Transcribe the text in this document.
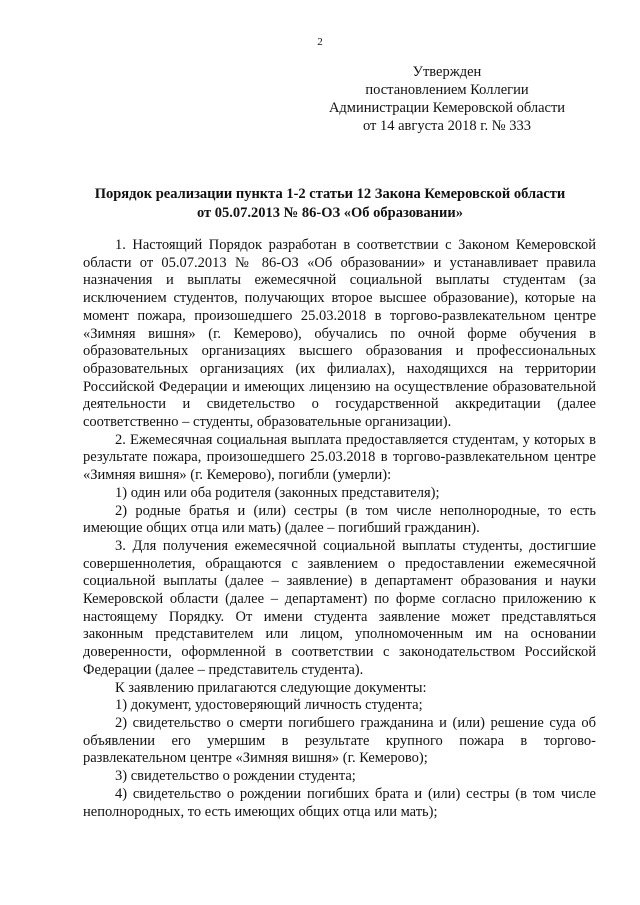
2
Утвержден
постановлением Коллегии
Администрации Кемеровской области
от 14 августа 2018 г. № 333
Порядок реализации пункта 1-2 статьи 12 Закона Кемеровской области
от 05.07.2013 № 86-ОЗ «Об образовании»

1. Настоящий Порядок разработан в соответствии с Законом Кемеровской области от 05.07.2013 № 86-ОЗ «Об образовании» и устанавливает правила назначения и выплаты ежемесячной социальной выплаты студентам (за исключением студентов, получающих второе высшее образование), которые на момент пожара, произошедшего 25.03.2018 в торгово-развлекательном центре «Зимняя вишня» (г. Кемерово), обучались по очной форме обучения в образовательных организациях высшего образования и профессиональных образовательных организациях (их филиалах), находящихся на территории Российской Федерации и имеющих лицензию на осуществление образовательной деятельности и свидетельство о государственной аккредитации (далее соответственно – студенты, образовательные организации).

2. Ежемесячная социальная выплата предоставляется студентам, у которых в результате пожара, произошедшего 25.03.2018 в торгово-развлекательном центре «Зимняя вишня» (г. Кемерово), погибли (умерли):

1) один или оба родителя (законных представителя);

2) родные братья и (или) сестры (в том числе неполнородные, то есть имеющие общих отца или мать) (далее – погибший гражданин).

3. Для получения ежемесячной социальной выплаты студенты, достигшие совершеннолетия, обращаются с заявлением о предоставлении ежемесячной социальной выплаты (далее – заявление) в департамент образования и науки Кемеровской области (далее – департамент) по форме согласно приложению к настоящему Порядку. От имени студента заявление может представляться законным представителем или лицом, уполномоченным им на основании доверенности, оформленной в соответствии с законодательством Российской Федерации (далее – представитель студента).

К заявлению прилагаются следующие документы:

1) документ, удостоверяющий личность студента;

2) свидетельство о смерти погибшего гражданина и (или) решение суда об объявлении его умершим в результате крупного пожара в торгово-развлекательном центре «Зимняя вишня» (г. Кемерово);

3) свидетельство о рождении студента;

4) свидетельство о рождении погибших брата и (или) сестры (в том числе неполнородных, то есть имеющих общих отца или мать);
